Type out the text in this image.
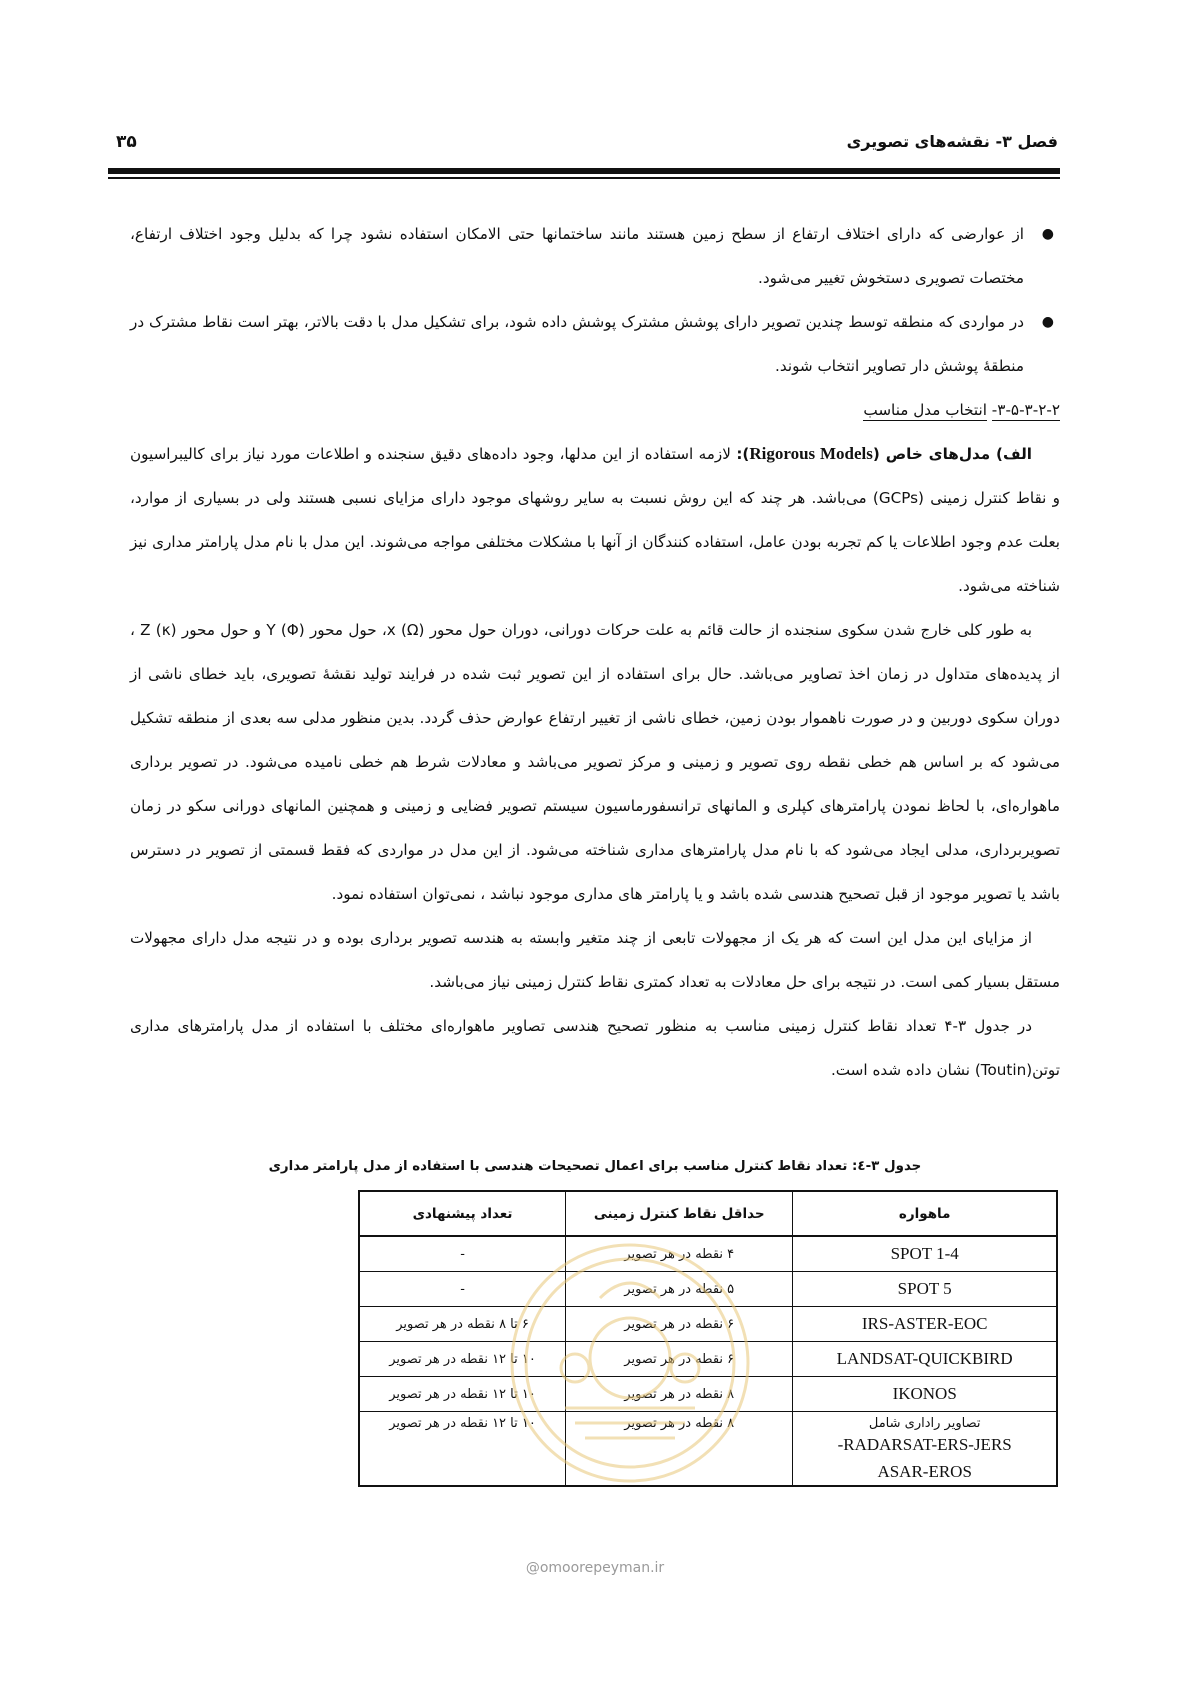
فصل ۳- نقشه‌های تصویری
۳۵
●
از عوارضی که دارای اختلاف ارتفاع از سطح زمین هستند مانند ساختمانها حتی الامکان استفاده نشود چرا که بدلیل وجود اختلاف ارتفاع، مختصات تصویری دستخوش تغییر می‌شود.
●
در مواردی که منطقه توسط چندین تصویر دارای پوشش مشترک پوشش داده شود، برای تشکیل مدل با دقت بالاتر، بهتر است نقاط مشترک در منطقهٔ پوشش دار تصاویر انتخاب شوند.

۳-۵-۳-۲-۲- انتخاب مدل مناسب

الف) مدل‌های خاص (Rigorous Models): لازمه استفاده از این مدلها، وجود داده‌های دقیق سنجنده و اطلاعات مورد نیاز برای کالیبراسیون و نقاط کنترل زمینی (GCPs) می‌باشد. هر چند که این روش نسبت به سایر روشهای موجود دارای مزایای نسبی هستند ولی در بسیاری از موارد، بعلت عدم وجود اطلاعات یا کم تجربه بودن عامل، استفاده کنندگان از آنها با مشکلات مختلفی مواجه می‌شوند. این مدل با نام مدل پارامتر مداری نیز شناخته می‌شود.

به طور کلی خارج شدن سکوی سنجنده از حالت قائم به علت حرکات دورانی، دوران حول محور x (Ω)، حول محور Y (Φ) و حول محور Z (κ) ، از پدیده‌های متداول در زمان اخذ تصاویر می‌باشد. حال برای استفاده از این تصویر ثبت شده در فرایند تولید نقشهٔ تصویری، باید خطای ناشی از دوران سکوی دوربین و در صورت ناهموار بودن زمین، خطای ناشی از تغییر ارتفاع عوارض حذف گردد. بدین منظور مدلی سه بعدی از منطقه تشکیل می‌شود که بر اساس هم خطی نقطه روی تصویر و زمینی و مرکز تصویر می‌باشد و معادلات شرط هم خطی نامیده می‌شود. در تصویر برداری ماهواره‌ای، با لحاظ نمودن پارامترهای کپلری و المانهای ترانسفورماسیون سیستم تصویر فضایی و زمینی و همچنین المانهای دورانی سکو در زمان تصویربرداری، مدلی ایجاد می‌شود که با نام مدل پارامترهای مداری شناخته می‌شود. از این مدل در مواردی که فقط قسمتی از تصویر در دسترس باشد یا تصویر موجود از قبل تصحیح هندسی شده باشد و یا پارامتر های مداری موجود نباشد ، نمی‌توان استفاده نمود.

از مزایای این مدل این است که هر یک از مجهولات تابعی از چند متغیر وابسته به هندسه تصویر برداری بوده و در نتیجه مدل دارای مجهولات مستقل بسیار کمی است. در نتیجه برای حل معادلات به تعداد کمتری نقاط کنترل زمینی نیاز می‌باشد.

در جدول ۳-۴ تعداد نقاط کنترل زمینی مناسب به منظور تصحیح هندسی تصاویر ماهواره‌ای مختلف با استفاده از مدل پارامترهای مداری توتن(Toutin) نشان داده شده است.

جدول ۳-٤: تعداد نقاط کنترل مناسب برای اعمال تصحیحات هندسی با استفاده از مدل پارامتر مداری
ماهواره	حداقل نقاط کنترل زمینی	تعداد پیشنهادی
SPOT 1-4	۴ نقطه در هر تصویر	-
SPOT 5	۵ نقطه در هر تصویر	-
IRS-ASTER-EOC	۶ نقطه در هر تصویر	۶ تا ۸ نقطه در هر تصویر
LANDSAT-QUICKBIRD	۶ نقطه در هر تصویر	۱۰ تا ۱۲ نقطه در هر تصویر
IKONOS	۸ نقطه در هر تصویر	۱۰ تا ۱۲ نقطه در هر تصویر

تصاویر راداری شامل
RADARSAT-ERS-JERS-
ASAR-EROS	۸ نقطه در هر تصویر	۱۰ تا ۱۲ نقطه در هر تصویر
@omoorepeyman.ir
